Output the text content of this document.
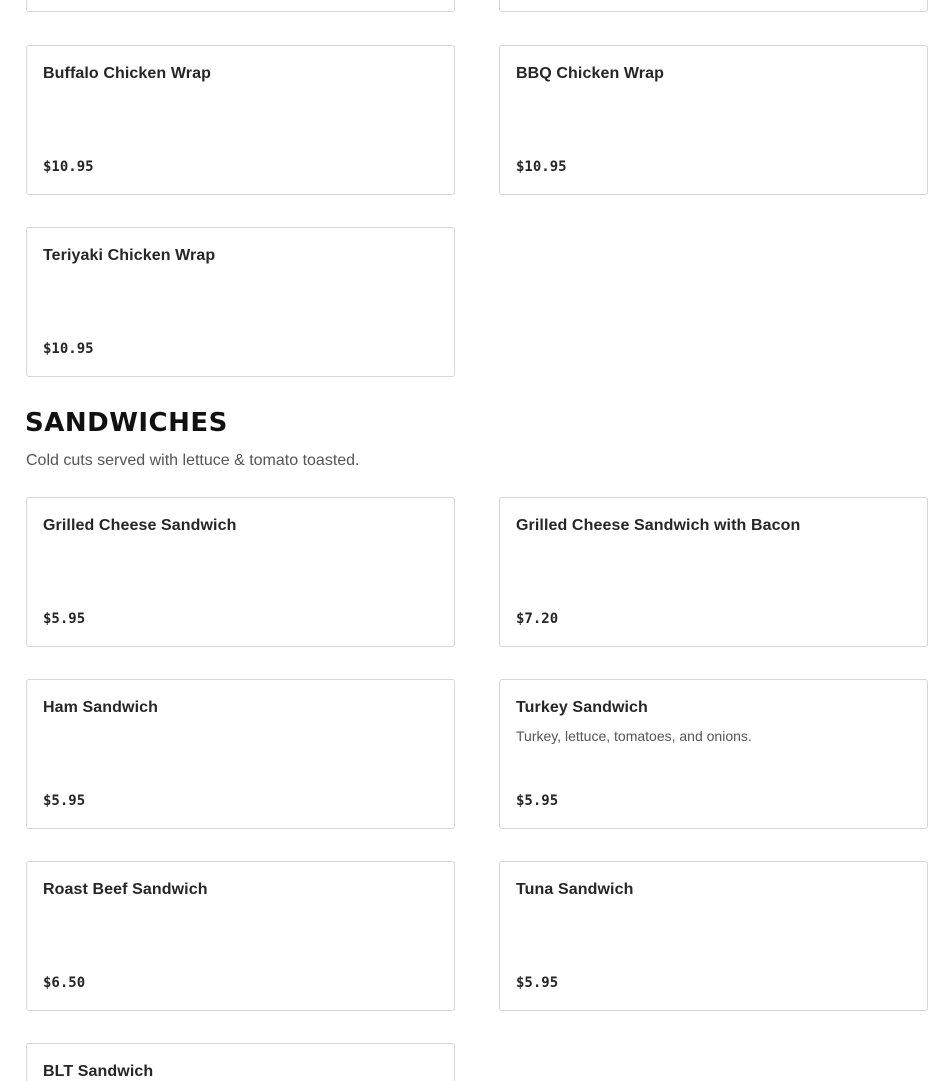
Buffalo Chicken Wrap
$10.95
BBQ Chicken Wrap
$10.95
Teriyaki Chicken Wrap
$10.95
SANDWICHES

Cold cuts served with lettuce & tomato toasted.

Grilled Cheese Sandwich
$5.95
Grilled Cheese Sandwich with Bacon
$7.20
Ham Sandwich
$5.95
Turkey Sandwich
Turkey, lettuce, tomatoes, and onions.
$5.95
Roast Beef Sandwich
$6.50
Tuna Sandwich
$5.95
BLT Sandwich
